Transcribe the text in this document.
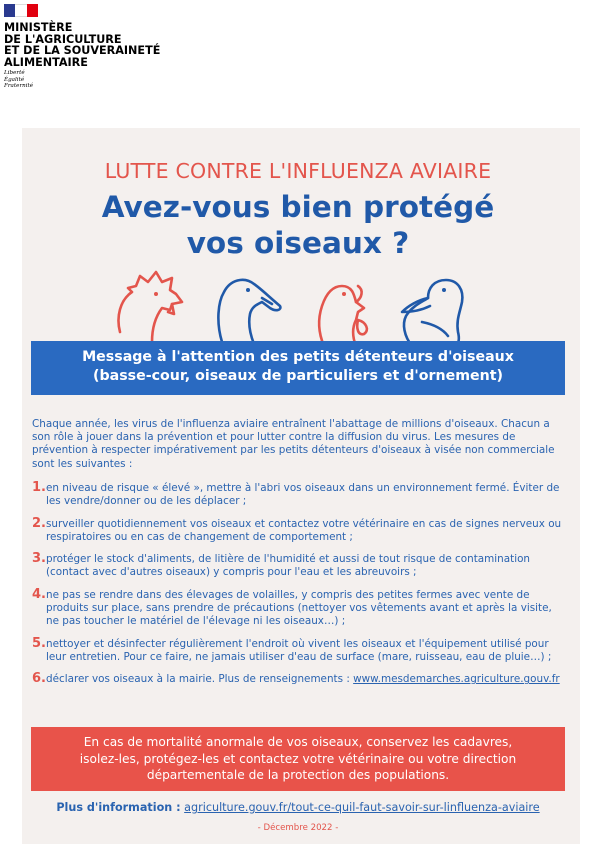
MINISTÈRE
DE L'AGRICULTURE
ET DE LA SOUVERAINETÉ
ALIMENTAIRE
Liberté
Égalité
Fraternité
LUTTE CONTRE L'INFLUENZA AVIAIRE
Avez-vous bien protégé
vos oiseaux ?
Message à l'attention des petits détenteurs d'oiseaux
(basse-cour, oiseaux de particuliers et d'ornement)
Chaque année, les virus de l'influenza aviaire entraînent l'abattage de millions d'oiseaux. Chacun a son rôle à jouer dans la prévention et pour lutter contre la diffusion du virus. Les mesures de prévention à respecter impérativement par les petits détenteurs d'oiseaux à visée non commerciale sont les suivantes :
1. en niveau de risque « élevé », mettre à l'abri vos oiseaux dans un environnement fermé. Éviter de les vendre/donner ou de les déplacer ;
2. surveiller quotidiennement vos oiseaux et contactez votre vétérinaire en cas de signes nerveux ou respiratoires ou en cas de changement de comportement ;
3. protéger le stock d'aliments, de litière de l'humidité et aussi de tout risque de contamination (contact avec d'autres oiseaux) y compris pour l'eau et les abreuvoirs ;
4. ne pas se rendre dans des élevages de volailles, y compris des petites fermes avec vente de produits sur place, sans prendre de précautions (nettoyer vos vêtements avant et après la visite, ne pas toucher le matériel de l'élevage ni les oiseaux…) ;
5. nettoyer et désinfecter régulièrement l'endroit où vivent les oiseaux et l'équipement utilisé pour leur entretien. Pour ce faire, ne jamais utiliser d'eau de surface (mare, ruisseau, eau de pluie…) ;
6. déclarer vos oiseaux à la mairie. Plus de renseignements : www.mesdemarches.agriculture.gouv.fr
En cas de mortalité anormale de vos oiseaux, conservez les cadavres,
isolez-les, protégez-les et contactez votre vétérinaire ou votre direction
départementale de la protection des populations.
Plus d'information : agriculture.gouv.fr/tout-ce-quil-faut-savoir-sur-linfluenza-aviaire
- Décembre 2022 -
